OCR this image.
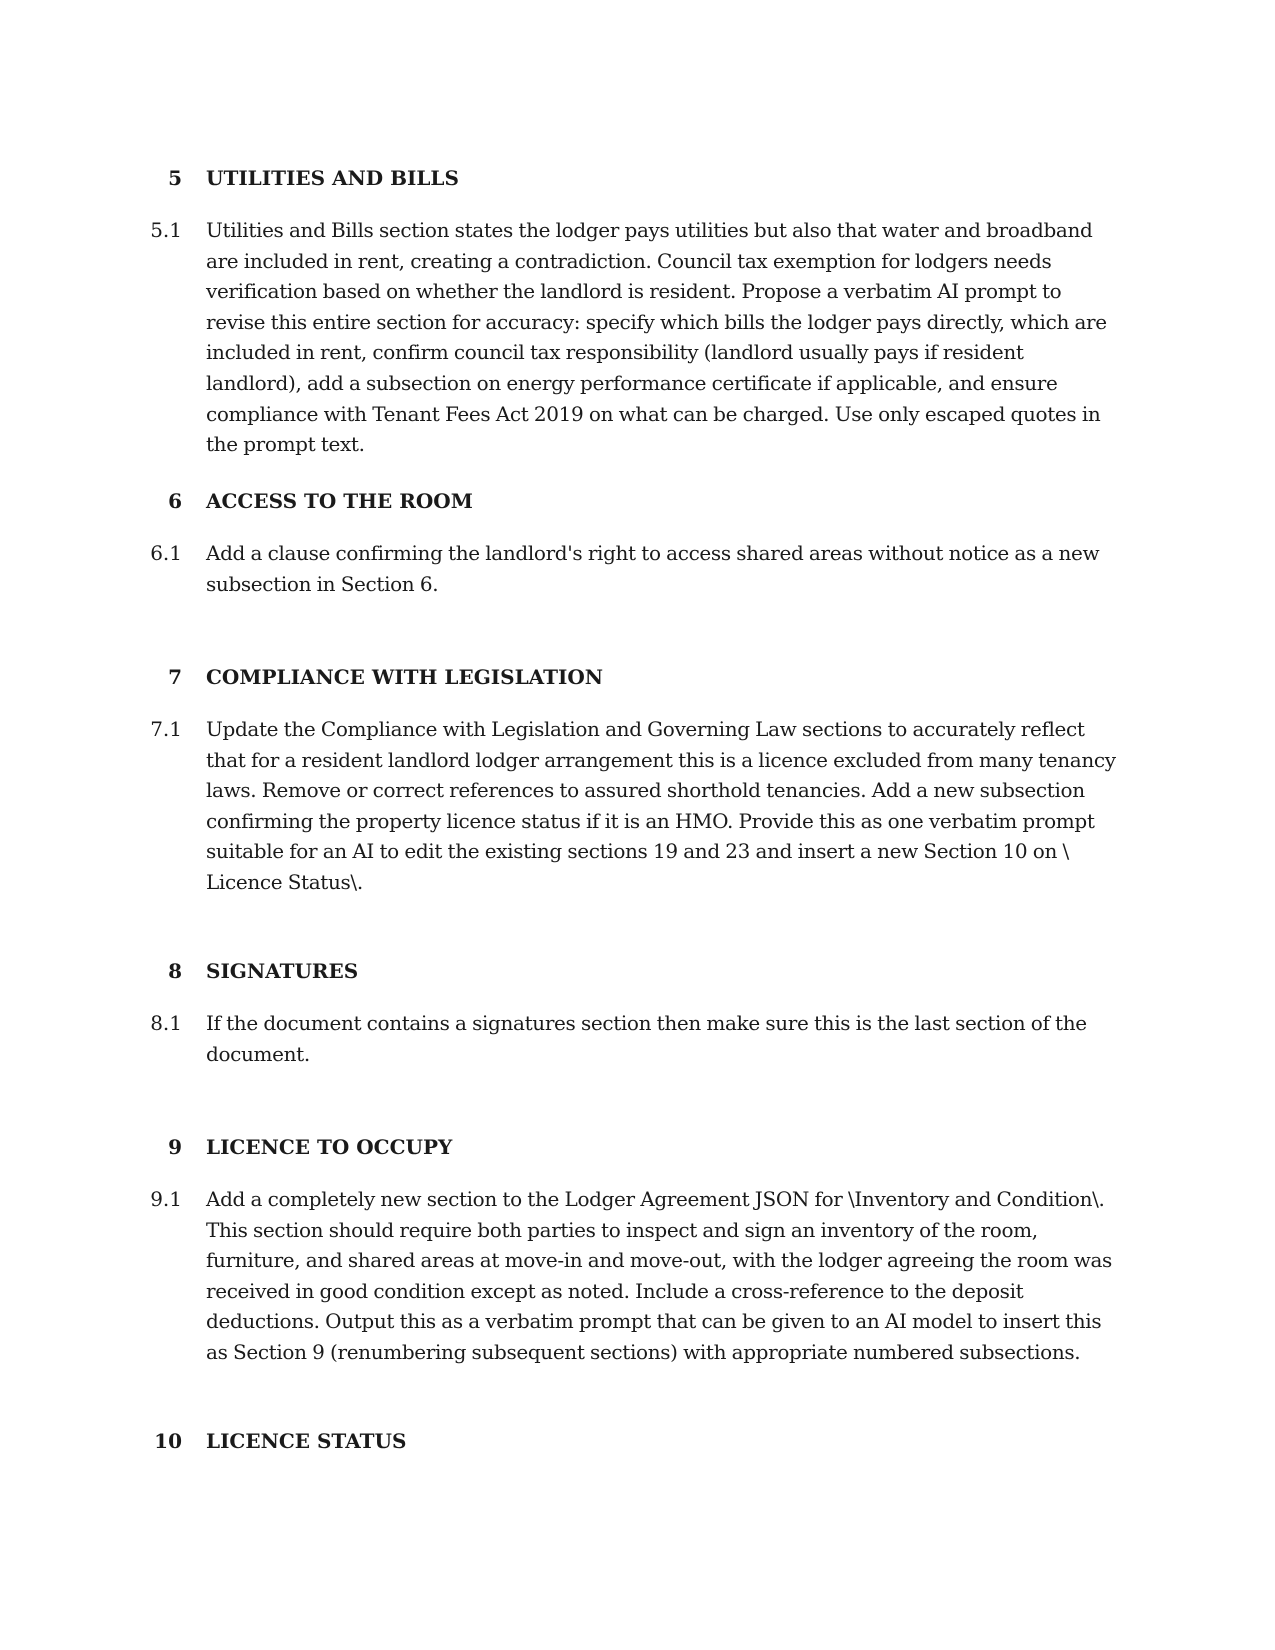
5 UTILITIES AND BILLS
5.1 Utilities and Bills section states the lodger pays utilities but also that water and broadband are included in rent, creating a contradiction. Council tax exemption for lodgers needs verification based on whether the landlord is resident. Propose a verbatim AI prompt to revise this entire section for accuracy: specify which bills the lodger pays directly, which are included in rent, confirm council tax responsibility (landlord usually pays if resident landlord), add a subsection on energy performance certificate if applicable, and ensure compliance with Tenant Fees Act 2019 on what can be charged. Use only escaped quotes in the prompt text.
6 ACCESS TO THE ROOM
6.1 Add a clause confirming the landlord's right to access shared areas without notice as a new subsection in Section 6.
7 COMPLIANCE WITH LEGISLATION
7.1 Update the Compliance with Legislation and Governing Law sections to accurately reflect that for a resident landlord lodger arrangement this is a licence excluded from many tenancy laws. Remove or correct references to assured shorthold tenancies. Add a new subsection confirming the property licence status if it is an HMO. Provide this as one verbatim prompt suitable for an AI to edit the existing sections 19 and 23 and insert a new Section 10 on \ Licence Status\.
8 SIGNATURES
8.1 If the document contains a signatures section then make sure this is the last section of the document.
9 LICENCE TO OCCUPY
9.1 Add a completely new section to the Lodger Agreement JSON for \Inventory and Condition\. This section should require both parties to inspect and sign an inventory of the room, furniture, and shared areas at move-in and move-out, with the lodger agreeing the room was received in good condition except as noted. Include a cross-reference to the deposit deductions. Output this as a verbatim prompt that can be given to an AI model to insert this as Section 9 (renumbering subsequent sections) with appropriate numbered subsections.
10 LICENCE STATUS
